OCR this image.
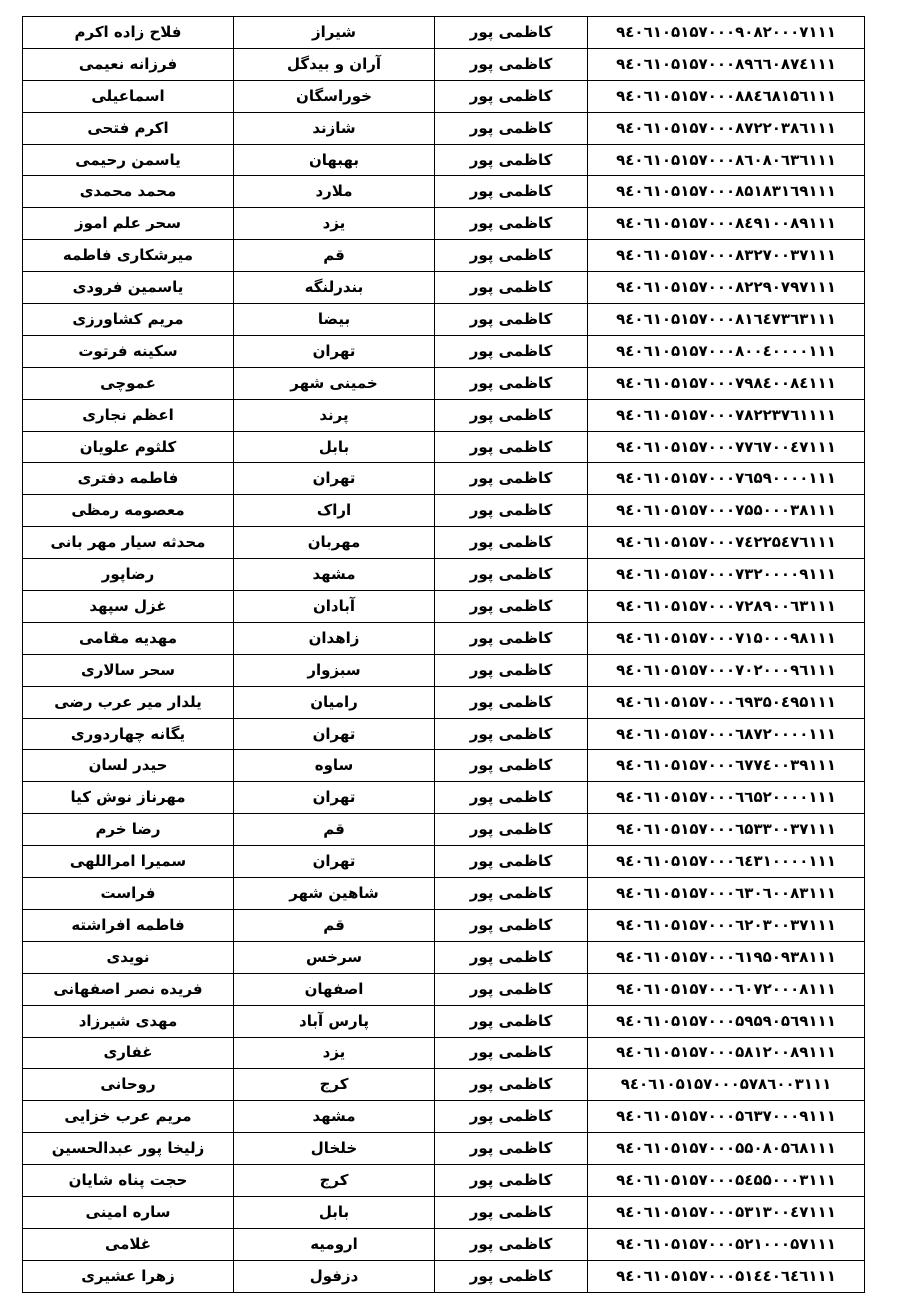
۹٤۰٦۱۰۵۱۵۷۰۰۰۹۰۸۲۰۰۰۷۱۱۱	کاظمی پور	شیراز	فلاح زاده اکرم
۹٤۰٦۱۰۵۱۵۷۰۰۰۸۹٦٦۰۸۷٤۱۱۱	کاظمی پور	آران و بیدگل	فرزانه نعیمی
۹٤۰٦۱۰۵۱۵۷۰۰۰۸۸٤٦۸۱۵٦۱۱۱	کاظمی پور	خوراسگان	اسماعیلی
۹٤۰٦۱۰۵۱۵۷۰۰۰۸۷۲۲۰۳۸٦۱۱۱	کاظمی پور	شازند	اکرم فتحی
۹٤۰٦۱۰۵۱۵۷۰۰۰۸٦۰۸۰٦۳٦۱۱۱	کاظمی پور	بهبهان	یاسمن رحیمی
۹٤۰٦۱۰۵۱۵۷۰۰۰۸۵۱۸۳۱٦۹۱۱۱	کاظمی پور	ملارد	محمد محمدی
۹٤۰٦۱۰۵۱۵۷۰۰۰۸٤۹۱۰۰۸۹۱۱۱	کاظمی پور	یزد	سحر علم اموز
۹٤۰٦۱۰۵۱۵۷۰۰۰۸۳۲۷۰۰۳۷۱۱۱	کاظمی پور	قم	میرشکاری فاطمه
۹٤۰٦۱۰۵۱۵۷۰۰۰۸۲۲۹۰۷۹۷۱۱۱	کاظمی پور	بندرلنگه	یاسمین فرودی
۹٤۰٦۱۰۵۱۵۷۰۰۰۸۱٦٤۷۳٦۳۱۱۱	کاظمی پور	بیضا	مریم کشاورزی
۹٤۰٦۱۰۵۱۵۷۰۰۰۸۰۰٤۰۰۰۰۱۱۱	کاظمی پور	تهران	سکینه فرتوت
۹٤۰٦۱۰۵۱۵۷۰۰۰۷۹۸٤۰۰۸٤۱۱۱	کاظمی پور	خمینی شهر	عموچی
۹٤۰٦۱۰۵۱۵۷۰۰۰۷۸۲۲۳۷٦۱۱۱۱	کاظمی پور	پرند	اعظم نجاری
۹٤۰٦۱۰۵۱۵۷۰۰۰۷۷٦۷۰۰٤۷۱۱۱	کاظمی پور	بابل	کلثوم علویان
۹٤۰٦۱۰۵۱۵۷۰۰۰۷٦۵۹۰۰۰۰۱۱۱	کاظمی پور	تهران	فاطمه دفتری
۹٤۰٦۱۰۵۱۵۷۰۰۰۷۵۵۰۰۰۳۸۱۱۱	کاظمی پور	اراک	معصومه رمظی
۹٤۰٦۱۰۵۱۵۷۰۰۰۷٤۲۲۵٤۷٦۱۱۱	کاظمی پور	مهربان	محدثه سیار مهر بانی
۹٤۰٦۱۰۵۱۵۷۰۰۰۷۳۲۰۰۰۰۹۱۱۱	کاظمی پور	مشهد	رضاپور
۹٤۰٦۱۰۵۱۵۷۰۰۰۷۲۸۹۰۰٦۳۱۱۱	کاظمی پور	آبادان	غزل سپهد
۹٤۰٦۱۰۵۱۵۷۰۰۰۷۱۵۰۰۰۹۸۱۱۱	کاظمی پور	زاهدان	مهدیه مقامی
۹٤۰٦۱۰۵۱۵۷۰۰۰۷۰۲۰۰۰۹٦۱۱۱	کاظمی پور	سبزوار	سحر سالاری
۹٤۰٦۱۰۵۱۵۷۰۰۰٦۹۳۵۰٤۹۵۱۱۱	کاظمی پور	رامیان	یلدار میر عرب رضی
۹٤۰٦۱۰۵۱۵۷۰۰۰٦۸۷۲۰۰۰۰۱۱۱	کاظمی پور	تهران	یگانه چهاردوری
۹٤۰٦۱۰۵۱۵۷۰۰۰٦۷۷٤۰۰۳۹۱۱۱	کاظمی پور	ساوه	حیدر لسان
۹٤۰٦۱۰۵۱۵۷۰۰۰٦٦۵۲۰۰۰۰۱۱۱	کاظمی پور	تهران	مهرناز نوش کیا
۹٤۰٦۱۰۵۱۵۷۰۰۰٦۵۳۳۰۰۳۷۱۱۱	کاظمی پور	قم	رضا خرم
۹٤۰٦۱۰۵۱۵۷۰۰۰٦٤۳۱۰۰۰۰۱۱۱	کاظمی پور	تهران	سمیرا امراللهی
۹٤۰٦۱۰۵۱۵۷۰۰۰٦۳۰٦۰۰۸۳۱۱۱	کاظمی پور	شاهین شهر	فراست
۹٤۰٦۱۰۵۱۵۷۰۰۰٦۲۰۳۰۰۳۷۱۱۱	کاظمی پور	قم	فاطمه افراشته
۹٤۰٦۱۰۵۱۵۷۰۰۰٦۱۹۵۰۹۳۸۱۱۱	کاظمی پور	سرخس	نویدی
۹٤۰٦۱۰۵۱۵۷۰۰۰٦۰۷۲۰۰۰۸۱۱۱	کاظمی پور	اصفهان	فریده نصر اصفهانی
۹٤۰٦۱۰۵۱۵۷۰۰۰۵۹۵۹۰۵٦۹۱۱۱	کاظمی پور	پارس آباد	مهدی شیرزاد
۹٤۰٦۱۰۵۱۵۷۰۰۰۵۸۱۲۰۰۸۹۱۱۱	کاظمی پور	یزد	غفاری
۹٤۰٦۱۰۵۱۵۷۰۰۰۵۷۸٦۰۰۳۱۱۱	کاظمی پور	کرج	روحانی
۹٤۰٦۱۰۵۱۵۷۰۰۰۵٦۳۷۰۰۰۹۱۱۱	کاظمی پور	مشهد	مریم عرب خزایی
۹٤۰٦۱۰۵۱۵۷۰۰۰۵۵۰۸۰۵٦۸۱۱۱	کاظمی پور	خلخال	زلیخا پور عبدالحسین
۹٤۰٦۱۰۵۱۵۷۰۰۰۵٤۵۵۰۰۰۳۱۱۱	کاظمی پور	کرج	حجت پناه شایان
۹٤۰٦۱۰۵۱۵۷۰۰۰۵۳۱۳۰۰٤۷۱۱۱	کاظمی پور	بابل	ساره امینی
۹٤۰٦۱۰۵۱۵۷۰۰۰۵۲۱۰۰۰۵۷۱۱۱	کاظمی پور	ارومیه	غلامی
۹٤۰٦۱۰۵۱۵۷۰۰۰۵۱٤٤۰٦٤٦۱۱۱	کاظمی پور	دزفول	زهرا عشیری
